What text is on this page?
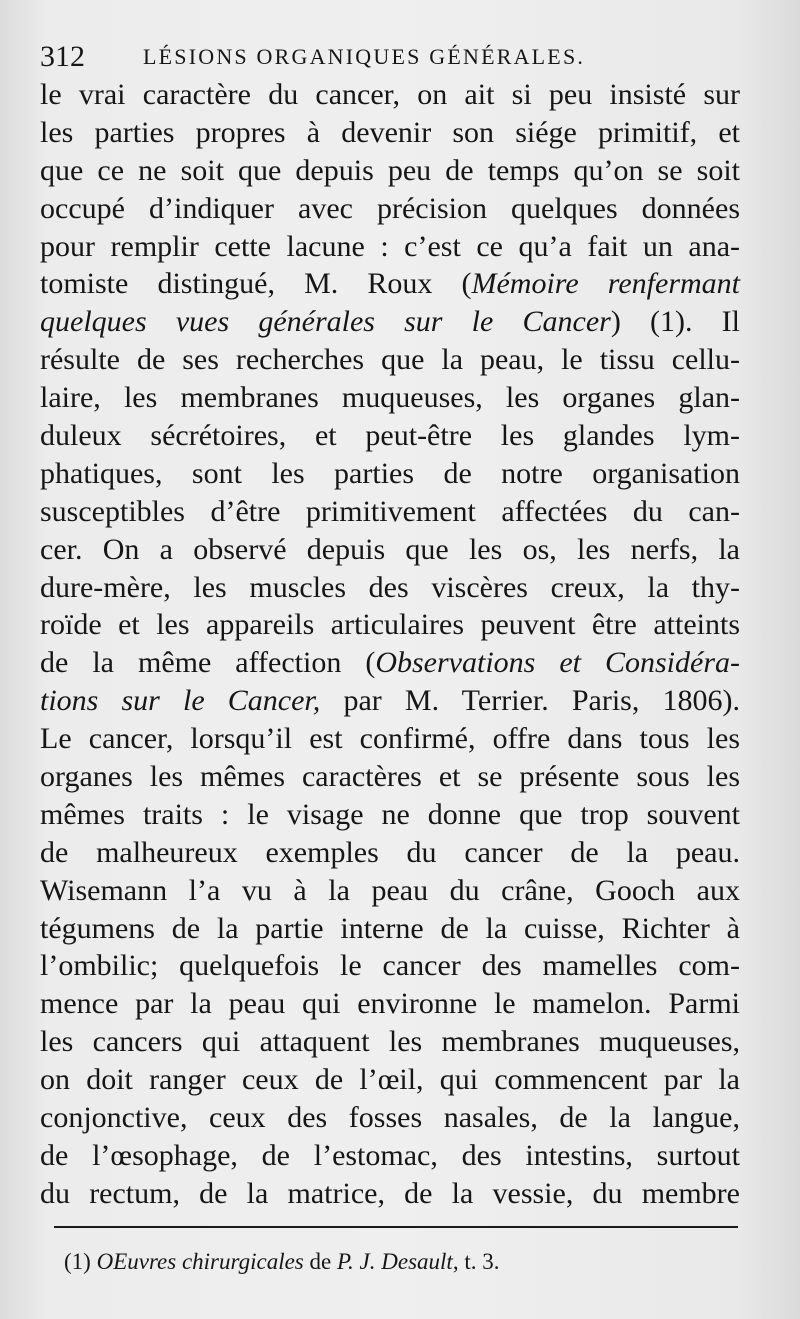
312	LÉSIONS ORGANIQUES GÉNÉRALES.
le vrai caractère du cancer, on ait si peu insisté sur
les parties propres à devenir son siége primitif, et
que ce ne soit que depuis peu de temps qu’on se soit
occupé d’indiquer avec précision quelques données
pour remplir cette lacune : c’est ce qu’a fait un ana-
tomiste distingué, M. Roux (Mémoire renfermant
quelques vues générales sur le Cancer) (1). Il
résulte de ses recherches que la peau, le tissu cellu-
laire, les membranes muqueuses, les organes glan-
duleux sécrétoires, et peut-être les glandes lym-
phatiques, sont les parties de notre organisation
susceptibles d’être primitivement affectées du can-
cer. On a observé depuis que les os, les nerfs, la
dure-mère, les muscles des viscères creux, la thy-
roïde et les appareils articulaires peuvent être atteints
de la même affection (Observations et Considéra-
tions sur le Cancer, par M. Terrier. Paris, 1806).
Le cancer, lorsqu’il est confirmé, offre dans tous les
organes les mêmes caractères et se présente sous les
mêmes traits : le visage ne donne que trop souvent
de malheureux exemples du cancer de la peau.
Wisemann l’a vu à la peau du crâne, Gooch aux
tégumens de la partie interne de la cuisse, Richter à
l’ombilic; quelquefois le cancer des mamelles com-
mence par la peau qui environne le mamelon. Parmi
les cancers qui attaquent les membranes muqueuses,
on doit ranger ceux de l’œil, qui commencent par la
conjonctive, ceux des fosses nasales, de la langue,
de l’œsophage, de l’estomac, des intestins, surtout
du rectum, de la matrice, de la vessie, du membre
(1) OEuvres chirurgicales de P. J. Desault, t. 3.
